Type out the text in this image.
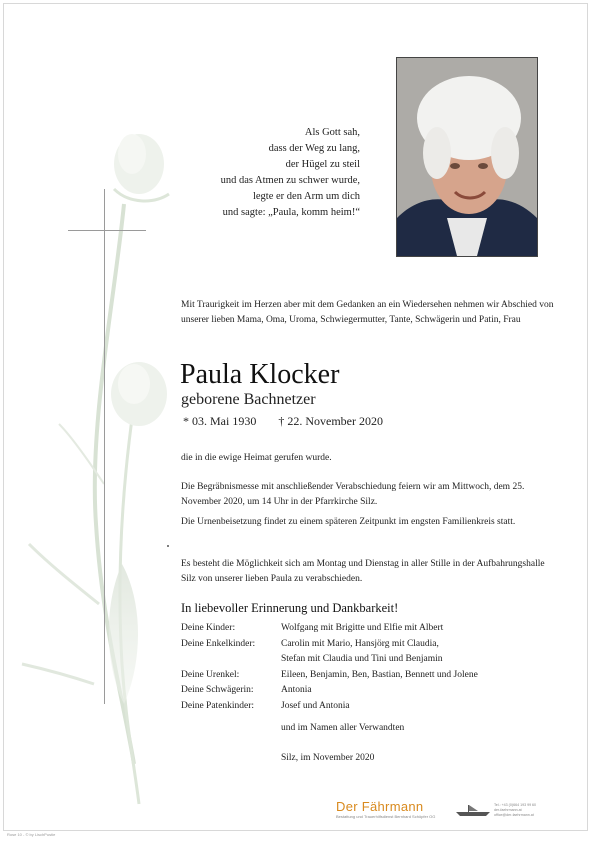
Als Gott sah,
dass der Weg zu lang,
der Hügel zu steil
und das Atmen zu schwer wurde,
legte er den Arm um dich
und sagte: „Paula, komm heim!“
Mit Traurigkeit im Herzen aber mit dem Gedanken an ein Wiedersehen nehmen wir Abschied von unserer lieben Mama, Oma, Uroma, Schwiegermutter, Tante, Schwägerin und Patin, Frau
Paula Klocker
geborene Bachnetzer
* 03. Mai 1930 † 22. November 2020
die in die ewige Heimat gerufen wurde.
Die Begräbnismesse mit anschließender Verabschiedung feiern wir am Mittwoch, dem 25. November 2020, um 14 Uhr in der Pfarrkirche Silz.
Die Urnenbeisetzung findet zu einem späteren Zeitpunkt im engsten Familienkreis statt.
Es besteht die Möglichkeit sich am Montag und Dienstag in aller Stille in der Aufbahrungshalle Silz von unserer lieben Paula zu verabschieden.
In liebevoller Erinnerung und Dankbarkeit!
Deine Kinder:	Wolfgang mit Brigitte und Elfie mit Albert
Deine Enkelkinder:	Carolin mit Mario, Hansjörg mit Claudia,
Stefan mit Claudia und Tini und Benjamin
Deine Urenkel:	Eileen, Benjamin, Ben, Bastian, Bennett und Jolene
Deine Schwägerin:	Antonia
Deine Patenkinder:	Josef und Antonia
und im Namen aller Verwandten
Silz, im November 2020
Der Fährmann
Bestattung und Trauerhilfsdienst Bernhard Schöpfer OG
Tel.: +43 (0)664 193 99 60
der-faehrmann.at
office@der-faehrmann.at
Rose 10 - © by LischPustie
